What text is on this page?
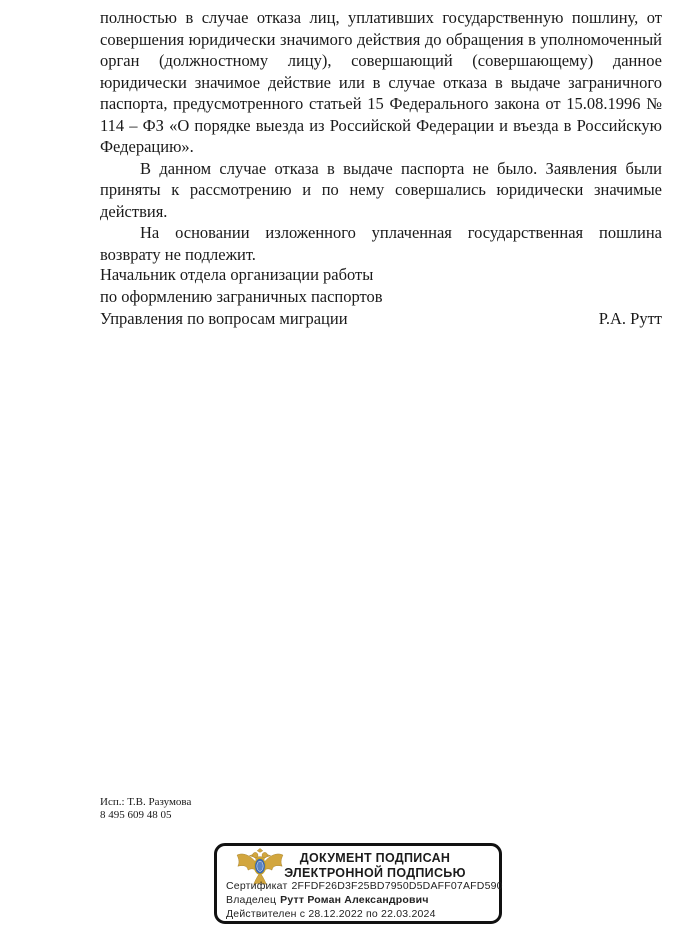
полностью в случае отказа лиц, уплативших государственную пошлину, от совершения юридически значимого действия до обращения в уполномоченный орган (должностному лицу), совершающий (совершающему) данное юридически значимое действие или в случае отказа в выдаче заграничного паспорта, предусмотренного статьей 15 Федерального закона от 15.08.1996 № 114 – ФЗ «О порядке выезда из Российской Федерации и въезда в Российскую Федерацию».

В данном случае отказа в выдаче паспорта не было. Заявления были приняты к рассмотрению и по нему совершались юридически значимые действия.

На основании изложенного уплаченная государственная пошлина возврату не подлежит.

Начальник отдела организации работы
по оформлению заграничных паспортов
Управления по вопросам миграции	Р.А. Рутт
Исп.: Т.В. Разумова
8 495 609 48 05
ДОКУМЕНТ ПОДПИСАН
ЭЛЕКТРОННОЙ ПОДПИСЬЮ
Сертификат 2FFDF26D3F25BD7950D5DAFF07AFD590
Владелец Рутт Роман Александрович
Действителен с 28.12.2022 по 22.03.2024
